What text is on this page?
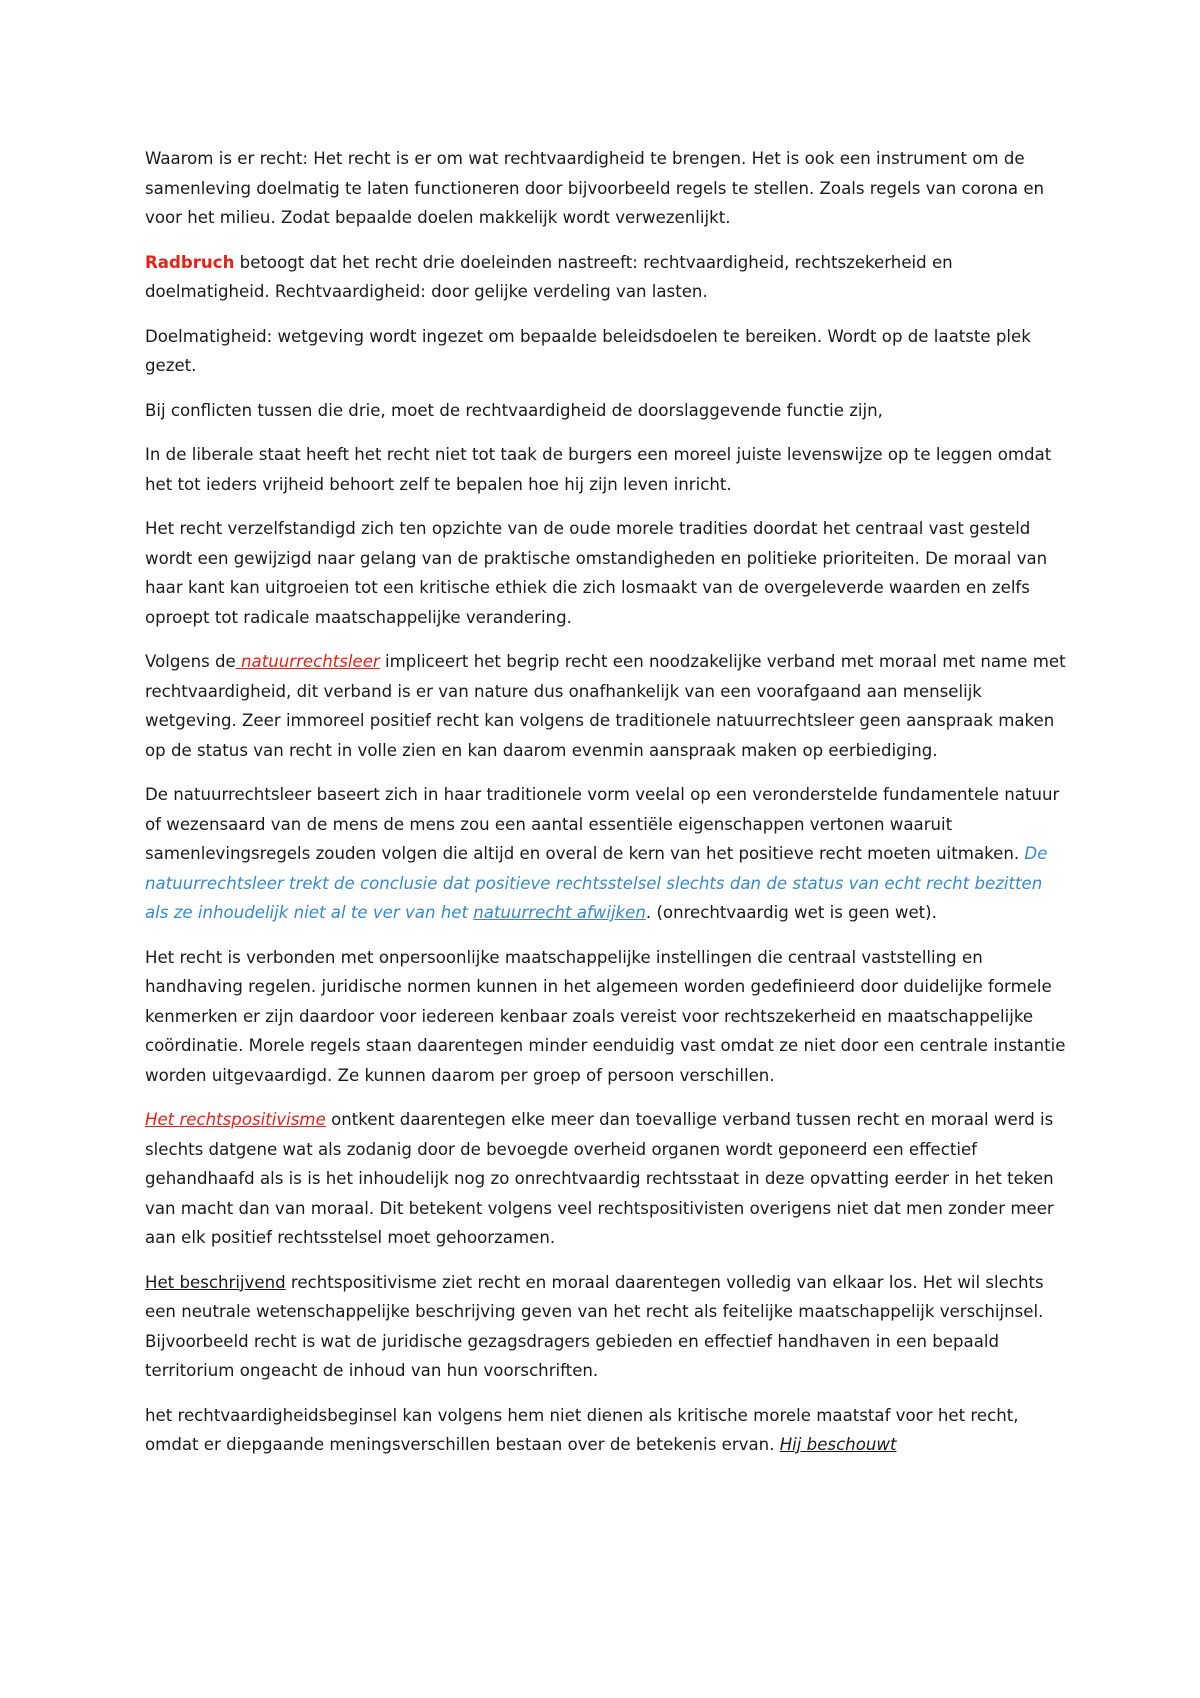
Waarom is er recht: Het recht is er om wat rechtvaardigheid te brengen. Het is ook een instrument om de samenleving doelmatig te laten functioneren door bijvoorbeeld regels te stellen. Zoals regels van corona en voor het milieu. Zodat bepaalde doelen makkelijk wordt verwezenlijkt.

Radbruch betoogt dat het recht drie doeleinden nastreeft: rechtvaardigheid, rechtszekerheid en doelmatigheid. Rechtvaardigheid: door gelijke verdeling van lasten.

Doelmatigheid: wetgeving wordt ingezet om bepaalde beleidsdoelen te bereiken. Wordt op de laatste plek gezet.

Bij conflicten tussen die drie, moet de rechtvaardigheid de doorslaggevende functie zijn,

In de liberale staat heeft het recht niet tot taak de burgers een moreel juiste levenswijze op te leggen omdat het tot ieders vrijheid behoort zelf te bepalen hoe hij zijn leven inricht.

Het recht verzelfstandigd zich ten opzichte van de oude morele tradities doordat het centraal vast gesteld wordt een gewijzigd naar gelang van de praktische omstandigheden en politieke prioriteiten. De moraal van haar kant kan uitgroeien tot een kritische ethiek die zich losmaakt van de overgeleverde waarden en zelfs oproept tot radicale maatschappelijke verandering.

Volgens de natuurrechtsleer impliceert het begrip recht een noodzakelijke verband met moraal met name met rechtvaardigheid, dit verband is er van nature dus onafhankelijk van een voorafgaand aan menselijk wetgeving. Zeer immoreel positief recht kan volgens de traditionele natuurrechtsleer geen aanspraak maken op de status van recht in volle zien en kan daarom evenmin aanspraak maken op eerbiediging.

De natuurrechtsleer baseert zich in haar traditionele vorm veelal op een veronderstelde fundamentele natuur of wezensaard van de mens de mens zou een aantal essentiële eigenschappen vertonen waaruit samenlevingsregels zouden volgen die altijd en overal de kern van het positieve recht moeten uitmaken. De natuurrechtsleer trekt de conclusie dat positieve rechtsstelsel slechts dan de status van echt recht bezitten als ze inhoudelijk niet al te ver van het natuurrecht afwijken. (onrechtvaardig wet is geen wet).

Het recht is verbonden met onpersoonlijke maatschappelijke instellingen die centraal vaststelling en handhaving regelen. juridische normen kunnen in het algemeen worden gedefinieerd door duidelijke formele kenmerken er zijn daardoor voor iedereen kenbaar zoals vereist voor rechtszekerheid en maatschappelijke coördinatie. Morele regels staan daarentegen minder eenduidig vast omdat ze niet door een centrale instantie worden uitgevaardigd. Ze kunnen daarom per groep of persoon verschillen.

Het rechtspositivisme ontkent daarentegen elke meer dan toevallige verband tussen recht en moraal werd is slechts datgene wat als zodanig door de bevoegde overheid organen wordt geponeerd een effectief gehandhaafd als is is het inhoudelijk nog zo onrechtvaardig rechtsstaat in deze opvatting eerder in het teken van macht dan van moraal. Dit betekent volgens veel rechtspositivisten overigens niet dat men zonder meer aan elk positief rechtsstelsel moet gehoorzamen.

Het beschrijvend rechtspositivisme ziet recht en moraal daarentegen volledig van elkaar los. Het wil slechts een neutrale wetenschappelijke beschrijving geven van het recht als feitelijke maatschappelijk verschijnsel. Bijvoorbeeld recht is wat de juridische gezagsdragers gebieden en effectief handhaven in een bepaald territorium ongeacht de inhoud van hun voorschriften.

het rechtvaardigheidsbeginsel kan volgens hem niet dienen als kritische morele maatstaf voor het recht, omdat er diepgaande meningsverschillen bestaan over de betekenis ervan. Hij beschouwt
